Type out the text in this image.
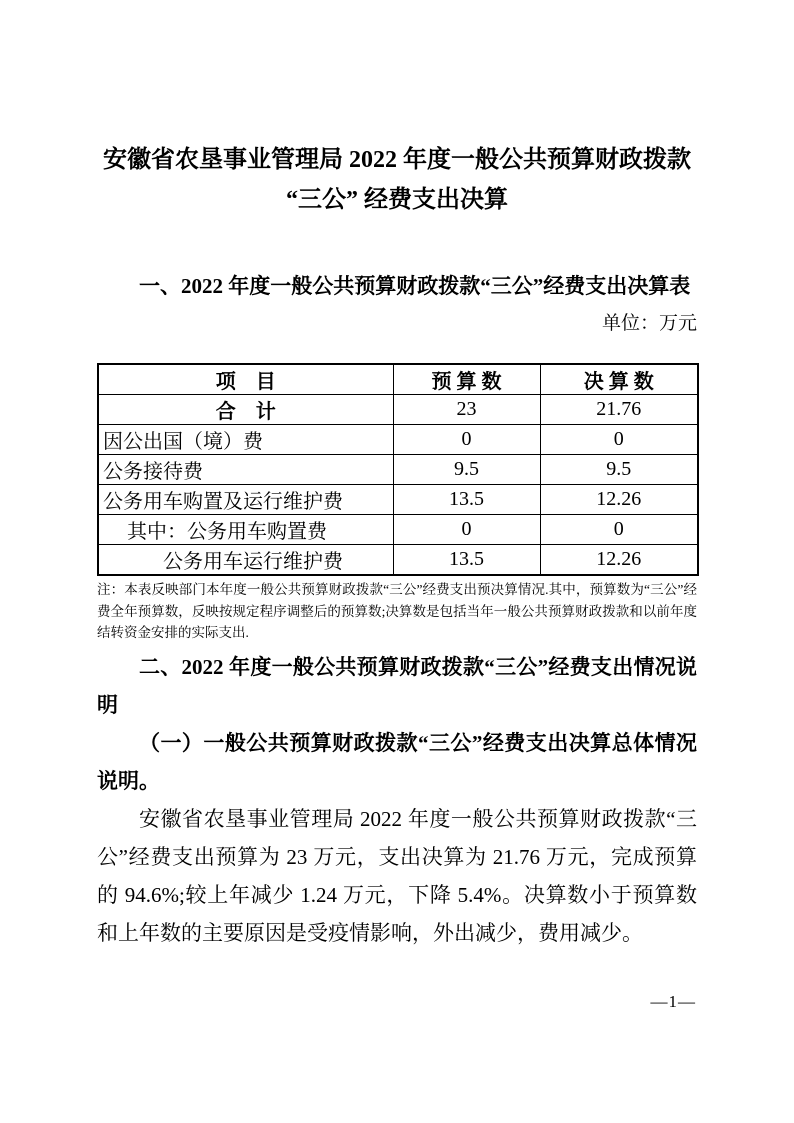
安徽省农垦事业管理局 2022 年度一般公共预算财政拨款
“三公” 经费支出决算

一、2022 年度一般公共预算财政拨款“三公”经费支出决算表

单位：万元

项　目	预 算 数	决 算 数
合　计	23	21.76
因公出国（境）费	0	0
公务接待费	9.5	9.5
公务用车购置及运行维护费	13.5	12.26
其中：公务用车购置费	0	0
公务用车运行维护费	13.5	12.26

注：本表反映部门本年度一般公共预算财政拨款“三公”经费支出预决算情况.其中，预算数为“三公”经费全年预算数，反映按规定程序调整后的预算数;决算数是包括当年一般公共预算财政拨款和以前年度结转资金安排的实际支出.

二、2022 年度一般公共预算财政拨款“三公”经费支出情况说明

（一）一般公共预算财政拨款“三公”经费支出决算总体情况说明。

安徽省农垦事业管理局 2022 年度一般公共预算财政拨款“三公”经费支出预算为 23 万元，支出决算为 21.76 万元，完成预算的 94.6%;较上年减少 1.24 万元，下降 5.4%。决算数小于预算数和上年数的主要原因是受疫情影响，外出减少，费用减少。

—1—
